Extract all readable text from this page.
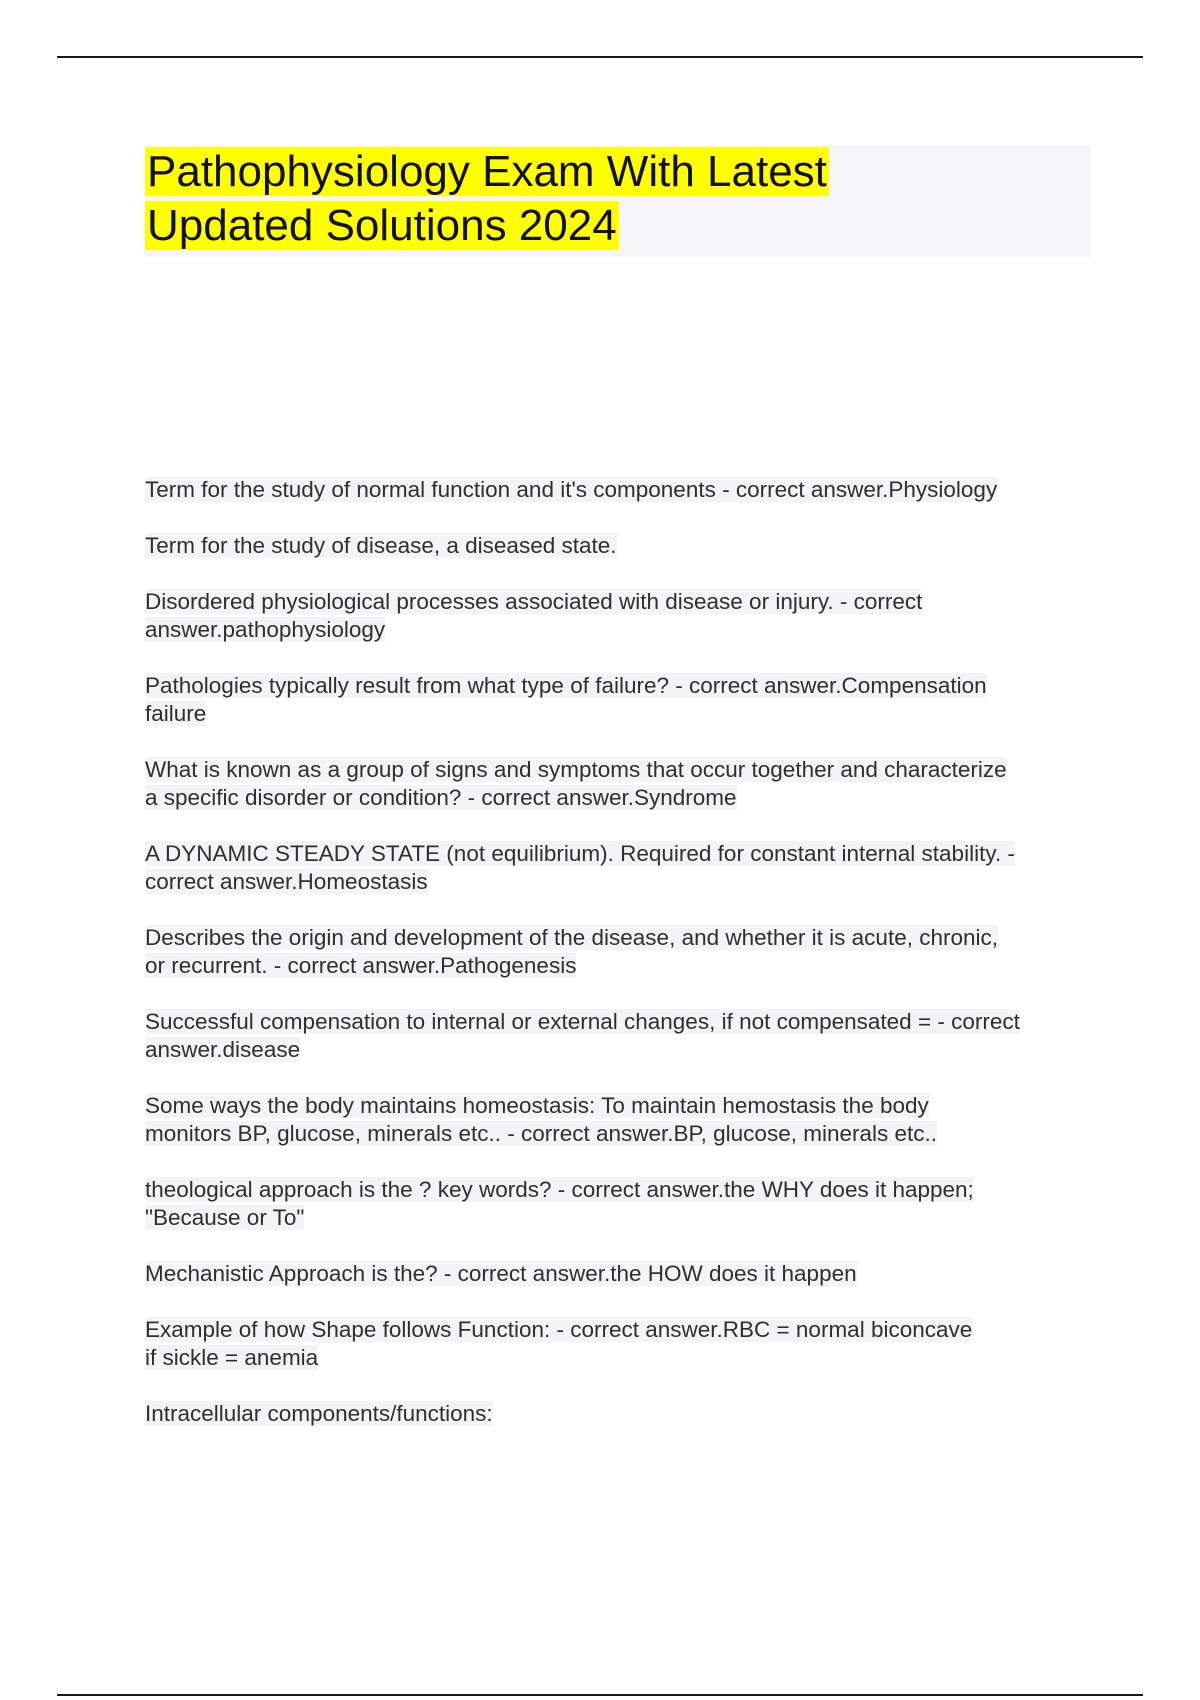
Pathophysiology Exam With Latest
Updated Solutions 2024

Term for the study of normal function and it's components - correct answer.Physiology

Term for the study of disease, a diseased state.

Disordered physiological processes associated with disease or injury. - correct
answer.pathophysiology

Pathologies typically result from what type of failure? - correct answer.Compensation
failure

What is known as a group of signs and symptoms that occur together and characterize
a specific disorder or condition? - correct answer.Syndrome

A DYNAMIC STEADY STATE (not equilibrium). Required for constant internal stability. -
correct answer.Homeostasis

Describes the origin and development of the disease, and whether it is acute, chronic,
or recurrent. - correct answer.Pathogenesis

Successful compensation to internal or external changes, if not compensated = - correct
answer.disease

Some ways the body maintains homeostasis: To maintain hemostasis the body
monitors BP, glucose, minerals etc.. - correct answer.BP, glucose, minerals etc..

theological approach is the ? key words? - correct answer.the WHY does it happen;
"Because or To"

Mechanistic Approach is the? - correct answer.the HOW does it happen

Example of how Shape follows Function: - correct answer.RBC = normal biconcave
if sickle = anemia

Intracellular components/functions:
